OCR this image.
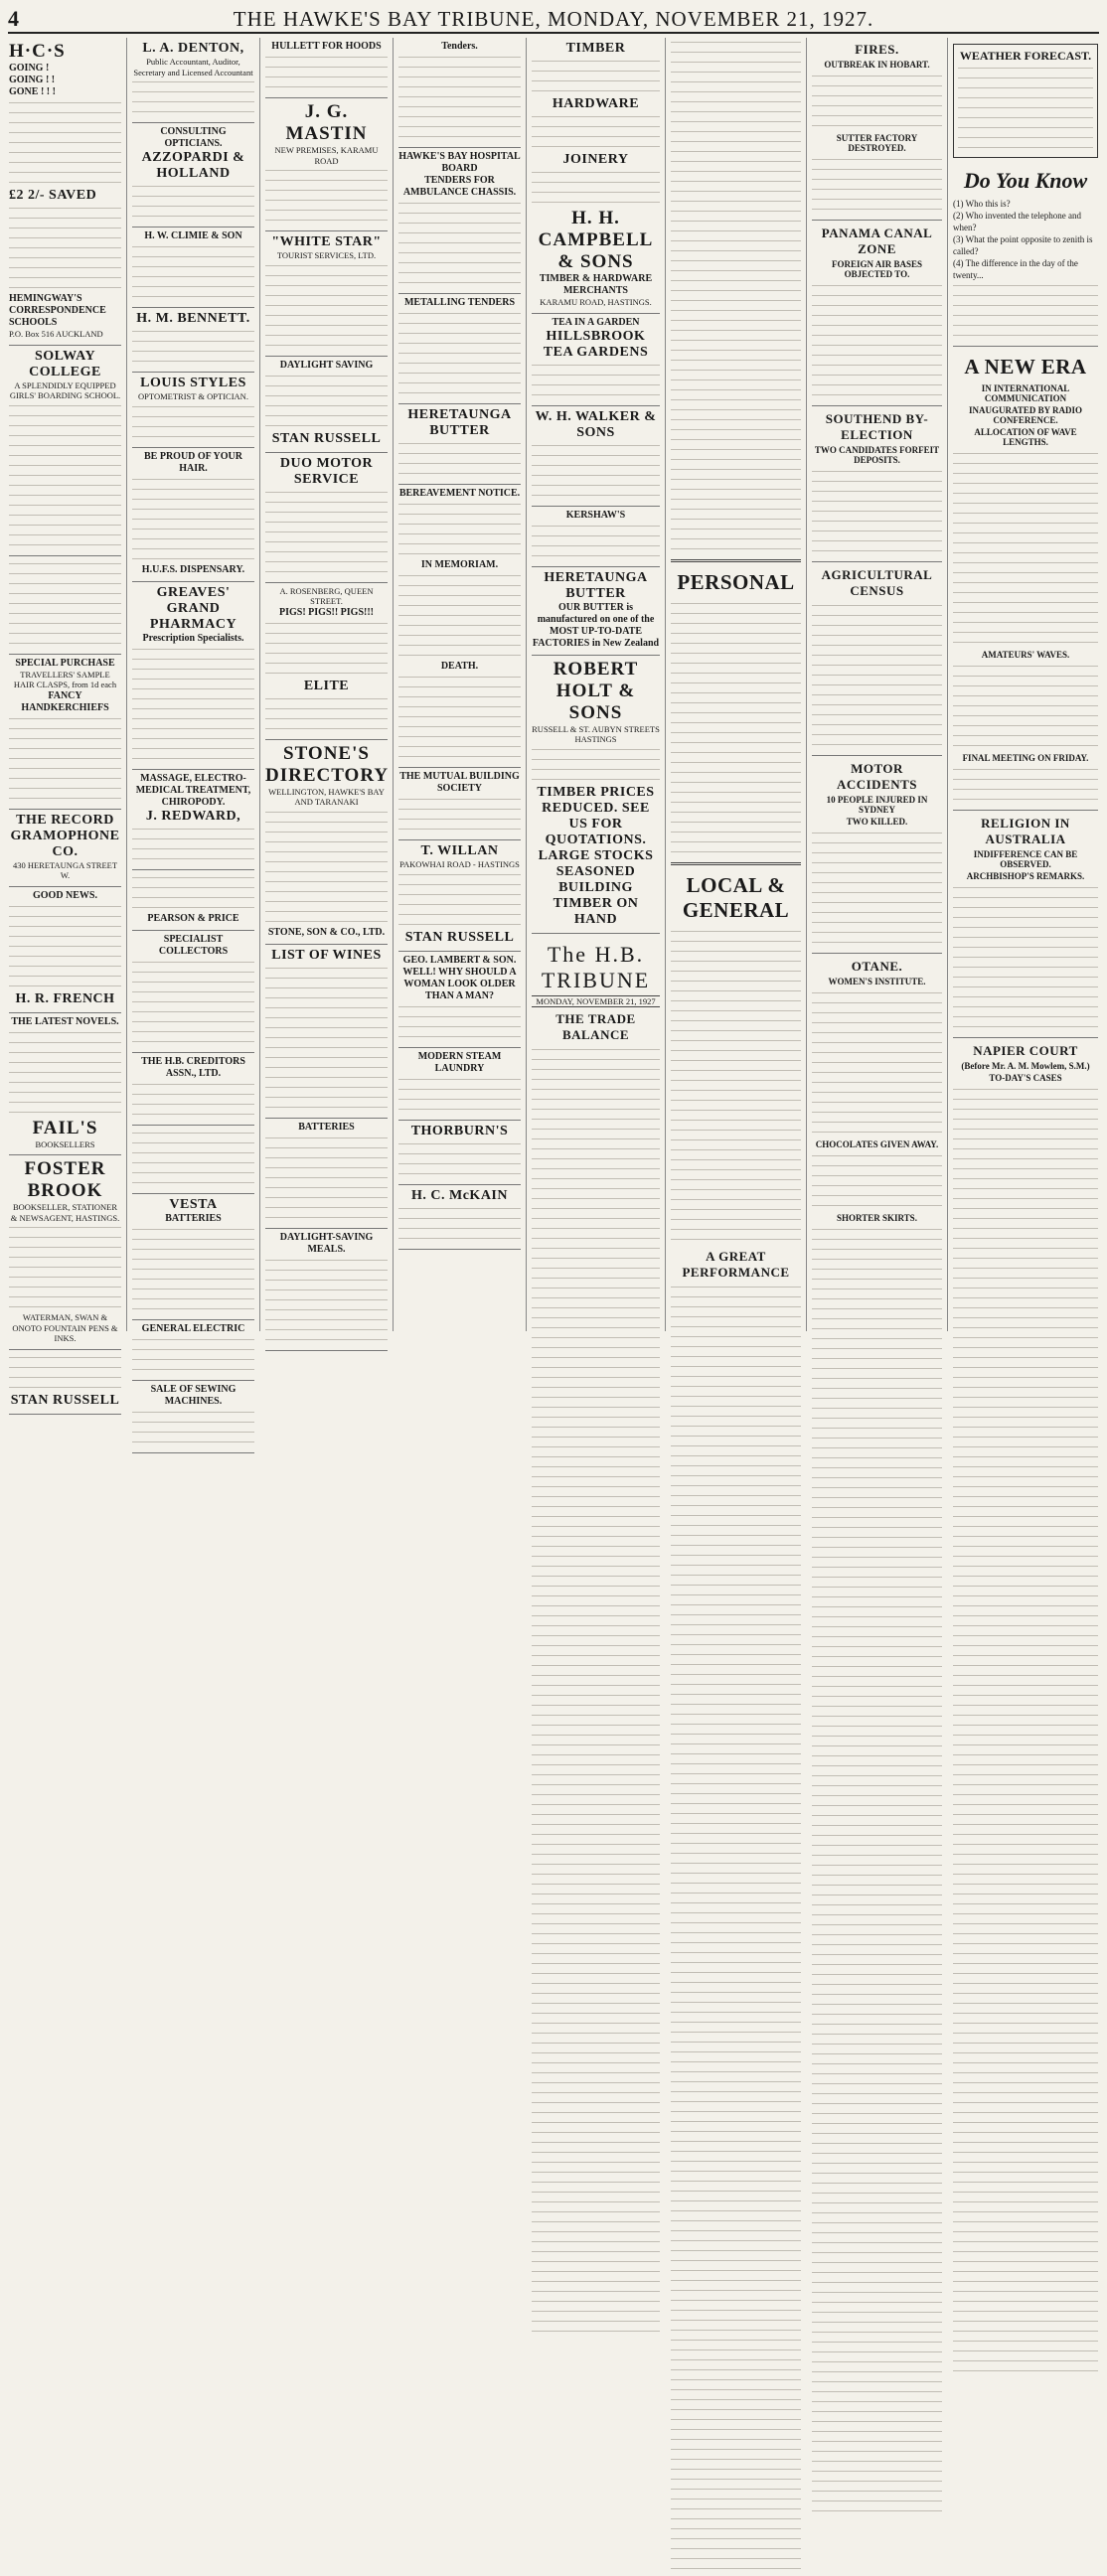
4	THE HAWKE'S BAY TRIBUNE, MONDAY, NOVEMBER 21, 1927.
H·C·S
GOING !
GOING ! !
GONE ! ! !
£2 2/- SAVED
HEMINGWAY'S CORRESPONDENCE SCHOOLS
P.O. Box 516 AUCKLAND
SOLWAY COLLEGE
A SPLENDIDLY EQUIPPED GIRLS' BOARDING SCHOOL.
SPECIAL PURCHASE
TRAVELLERS' SAMPLE HAIR CLASPS, from 1d each
FANCY HANDKERCHIEFS
THE RECORD GRAMOPHONE CO.
430 HERETAUNGA STREET W.
GOOD NEWS.
H. R. FRENCH
THE LATEST NOVELS.
FAIL'S
BOOKSELLERS
FOSTER BROOK
BOOKSELLER, STATIONER & NEWSAGENT, HASTINGS.
WATERMAN, SWAN & ONOTO FOUNTAIN PENS & INKS.
STAN RUSSELL
L. A. DENTON,
Public Accountant, Auditor, Secretary and Licensed Accountant
CONSULTING OPTICIANS.
AZZOPARDI & HOLLAND
H. W. CLIMIE & SON
H. M. BENNETT.
LOUIS STYLES
OPTOMETRIST & OPTICIAN.
BE PROUD OF YOUR HAIR.
H.U.F.S. DISPENSARY.
GREAVES' GRAND PHARMACY
Prescription Specialists.
MASSAGE, ELECTRO-MEDICAL TREATMENT, CHIROPODY.
J. REDWARD,
PEARSON & PRICE
SPECIALIST COLLECTORS
THE H.B. CREDITORS ASSN., LTD.
VESTA
BATTERIES
GENERAL ELECTRIC
SALE OF SEWING MACHINES.
HULLETT FOR HOODS
J. G. MASTIN
NEW PREMISES, KARAMU ROAD
"WHITE STAR"
TOURIST SERVICES, LTD.
DAYLIGHT SAVING
STAN RUSSELL
DUO MOTOR SERVICE
A. ROSENBERG, QUEEN STREET.
PIGS! PIGS!! PIGS!!!
ELITE
STONE'S DIRECTORY
WELLINGTON, HAWKE'S BAY AND TARANAKI
STONE, SON & CO., LTD.
LIST OF WINES
BATTERIES
DAYLIGHT-SAVING MEALS.
Tenders.
HAWKE'S BAY HOSPITAL BOARD
TENDERS FOR AMBULANCE CHASSIS.
METALLING TENDERS
HERETAUNGA BUTTER
BEREAVEMENT NOTICE.
IN MEMORIAM.
DEATH.
THE MUTUAL BUILDING SOCIETY
T. WILLAN
PAKOWHAI ROAD - HASTINGS
STAN RUSSELL
GEO. LAMBERT & SON.
WELL! WHY SHOULD A WOMAN LOOK OLDER THAN A MAN?
MODERN STEAM LAUNDRY
THORBURN'S
H. C. McKAIN
TIMBER
HARDWARE
JOINERY
H. H. CAMPBELL & SONS
TIMBER & HARDWARE MERCHANTS
KARAMU ROAD, HASTINGS.
TEA IN A GARDEN
HILLSBROOK TEA GARDENS
W. H. WALKER & SONS
KERSHAW'S
HERETAUNGA BUTTER
OUR BUTTER is manufactured on one of the MOST UP-TO-DATE FACTORIES in New Zealand
ROBERT HOLT & SONS
RUSSELL & ST. AUBYN STREETS HASTINGS
TIMBER PRICES REDUCED. SEE US FOR QUOTATIONS.
LARGE STOCKS SEASONED BUILDING TIMBER ON HAND
The H.B. TRIBUNE
MONDAY, NOVEMBER 21, 1927
THE TRADE BALANCE
PERSONAL
LOCAL & GENERAL
A GREAT PERFORMANCE
FIRES.
OUTBREAK IN HOBART.
SUTTER FACTORY DESTROYED.
PANAMA CANAL ZONE
FOREIGN AIR BASES OBJECTED TO.
SOUTHEND BY-ELECTION
TWO CANDIDATES FORFEIT DEPOSITS.
AGRICULTURAL CENSUS
MOTOR ACCIDENTS
10 PEOPLE INJURED IN SYDNEY
TWO KILLED.
OTANE.
WOMEN'S INSTITUTE.
CHOCOLATES GIVEN AWAY.
SHORTER SKIRTS.
WEATHER FORECAST.
Do You Know
(1) Who this is?
(2) Who invented the telephone and when?
(3) What the point opposite to zenith is called?
(4) The difference in the day of the twenty...
A NEW ERA
IN INTERNATIONAL COMMUNICATION
INAUGURATED BY RADIO CONFERENCE.
ALLOCATION OF WAVE LENGTHS.
AMATEURS' WAVES.
FINAL MEETING ON FRIDAY.
RELIGION IN AUSTRALIA
INDIFFERENCE CAN BE OBSERVED.
ARCHBISHOP'S REMARKS.
NAPIER COURT
(Before Mr. A. M. Mowlem, S.M.)
TO-DAY'S CASES
